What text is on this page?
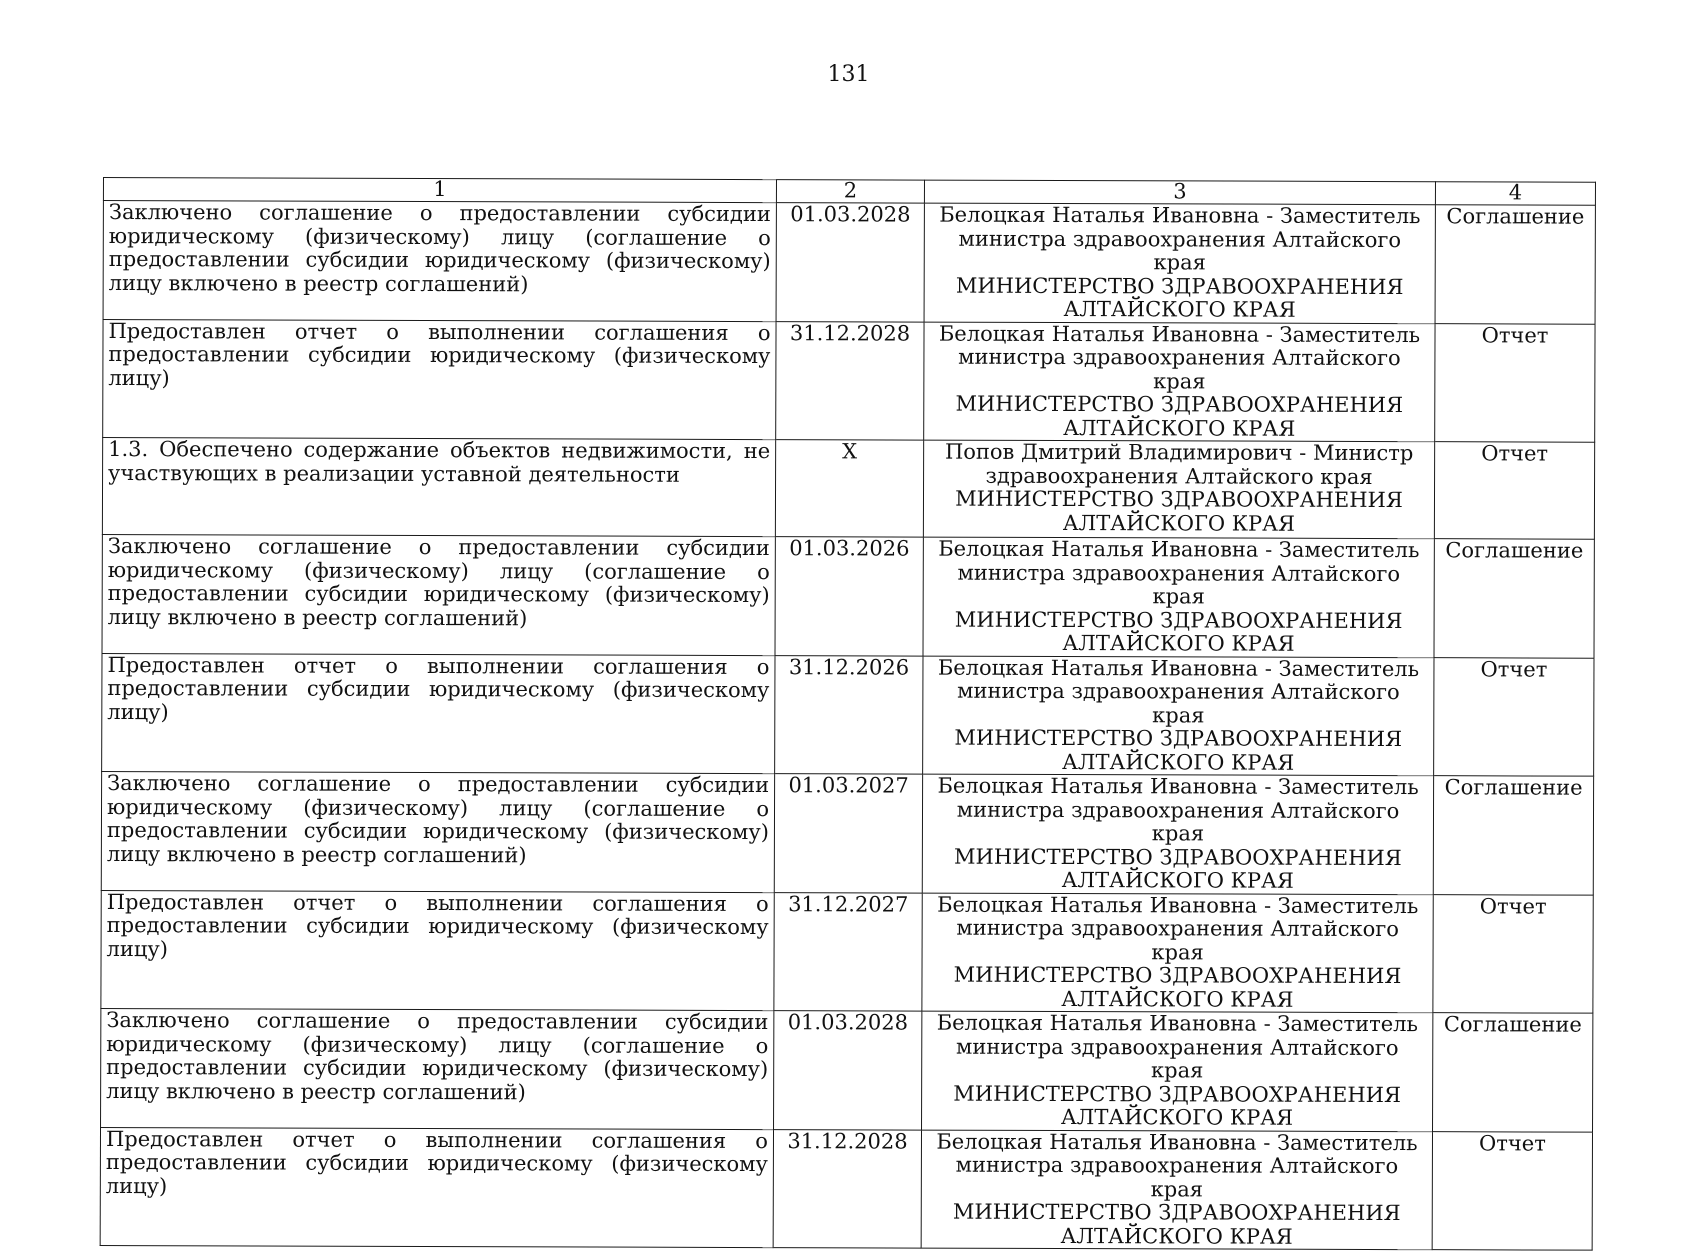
131
1	2	3	4
Заключено соглашение о предоставлении субсидии юридическому (физическому) лицу (соглашение о предоставлении субсидии юридическому (физическому) лицу включено в реестр соглашений)	01.03.2028	Белоцкая Наталья Ивановна - Заместитель министра здравоохранения Алтайского края
МИНИСТЕРСТВО ЗДРАВООХРАНЕНИЯ АЛТАЙСКОГО КРАЯ	Соглашение
Предоставлен отчет о выполнении соглашения о предоставлении субсидии юридическому (физическому лицу)	31.12.2028	Белоцкая Наталья Ивановна - Заместитель министра здравоохранения Алтайского края
МИНИСТЕРСТВО ЗДРАВООХРАНЕНИЯ АЛТАЙСКОГО КРАЯ	Отчет
1.3. Обеспечено содержание объектов недвижимости, не участвующих в реализации уставной деятельности	X	Попов Дмитрий Владимирович - Министр здравоохранения Алтайского края
МИНИСТЕРСТВО ЗДРАВООХРАНЕНИЯ АЛТАЙСКОГО КРАЯ	Отчет
Заключено соглашение о предоставлении субсидии юридическому (физическому) лицу (соглашение о предоставлении субсидии юридическому (физическому) лицу включено в реестр соглашений)	01.03.2026	Белоцкая Наталья Ивановна - Заместитель министра здравоохранения Алтайского края
МИНИСТЕРСТВО ЗДРАВООХРАНЕНИЯ АЛТАЙСКОГО КРАЯ	Соглашение
Предоставлен отчет о выполнении соглашения о предоставлении субсидии юридическому (физическому лицу)	31.12.2026	Белоцкая Наталья Ивановна - Заместитель министра здравоохранения Алтайского края
МИНИСТЕРСТВО ЗДРАВООХРАНЕНИЯ АЛТАЙСКОГО КРАЯ	Отчет
Заключено соглашение о предоставлении субсидии юридическому (физическому) лицу (соглашение о предоставлении субсидии юридическому (физическому) лицу включено в реестр соглашений)	01.03.2027	Белоцкая Наталья Ивановна - Заместитель министра здравоохранения Алтайского края
МИНИСТЕРСТВО ЗДРАВООХРАНЕНИЯ АЛТАЙСКОГО КРАЯ	Соглашение
Предоставлен отчет о выполнении соглашения о предоставлении субсидии юридическому (физическому лицу)	31.12.2027	Белоцкая Наталья Ивановна - Заместитель министра здравоохранения Алтайского края
МИНИСТЕРСТВО ЗДРАВООХРАНЕНИЯ АЛТАЙСКОГО КРАЯ	Отчет
Заключено соглашение о предоставлении субсидии юридическому (физическому) лицу (соглашение о предоставлении субсидии юридическому (физическому) лицу включено в реестр соглашений)	01.03.2028	Белоцкая Наталья Ивановна - Заместитель министра здравоохранения Алтайского края
МИНИСТЕРСТВО ЗДРАВООХРАНЕНИЯ АЛТАЙСКОГО КРАЯ	Соглашение
Предоставлен отчет о выполнении соглашения о предоставлении субсидии юридическому (физическому лицу)	31.12.2028	Белоцкая Наталья Ивановна - Заместитель министра здравоохранения Алтайского края
МИНИСТЕРСТВО ЗДРАВООХРАНЕНИЯ АЛТАЙСКОГО КРАЯ	Отчет
